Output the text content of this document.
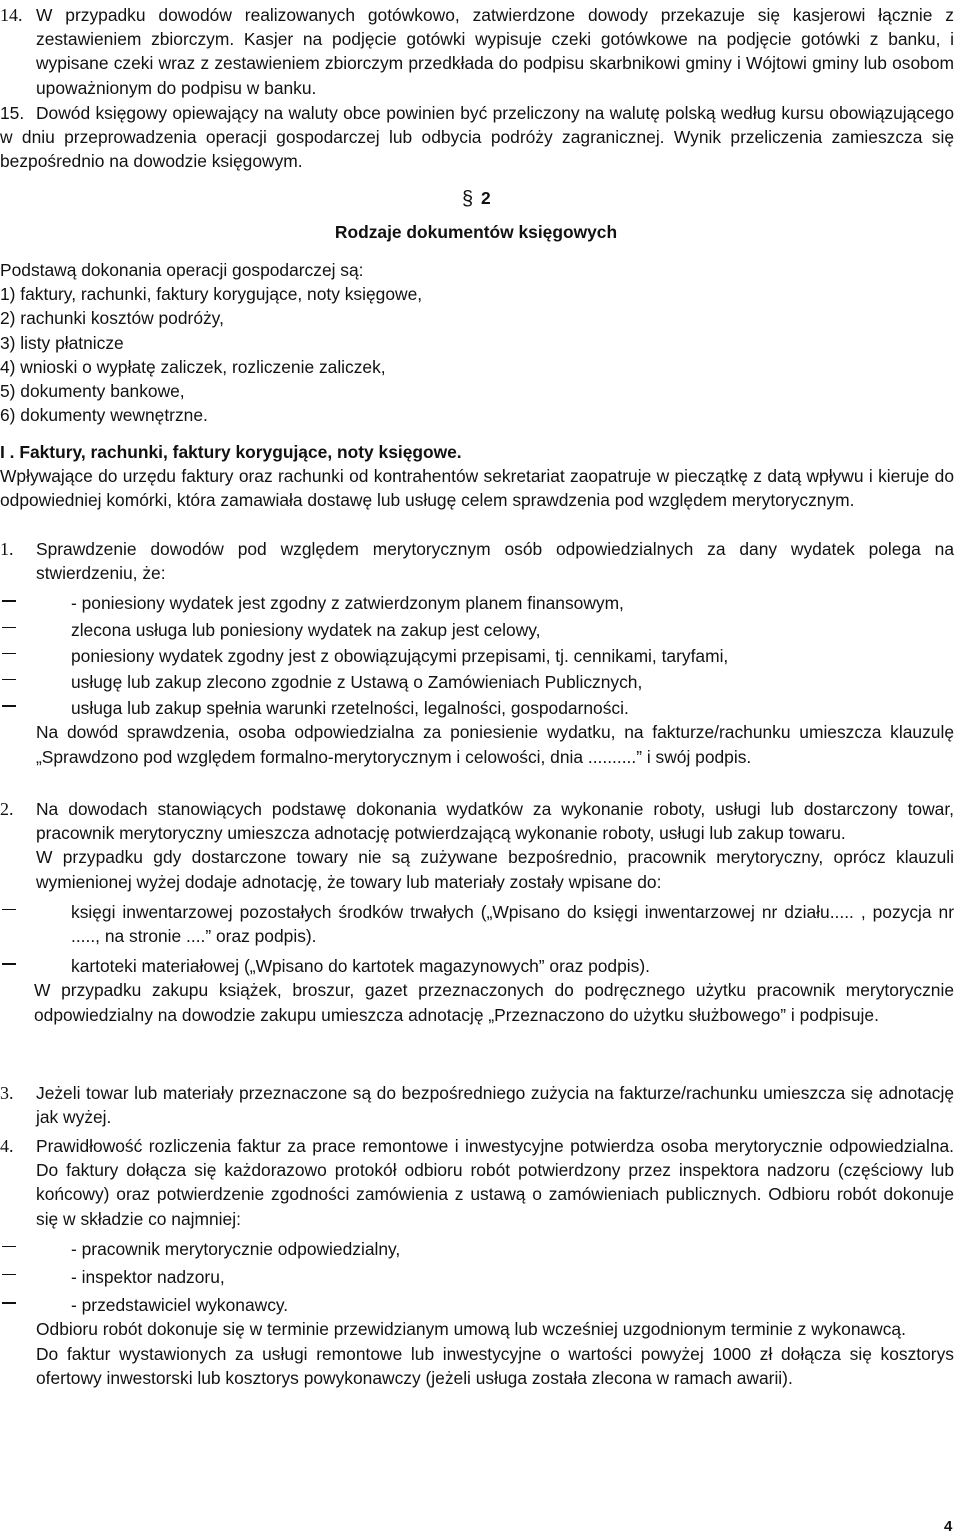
14. W przypadku dowodów realizowanych gotówkowo, zatwierdzone dowody przekazuje się kasjerowi łącznie z zestawieniem zbiorczym. Kasjer na podjęcie gotówki wypisuje czeki gotówkowe na podjęcie gotówki z banku, i wypisane czeki wraz z zestawieniem zbiorczym przedkłada do podpisu skarbnikowi gminy i Wójtowi gminy lub osobom upoważnionym do podpisu w banku.

15. Dowód księgowy opiewający na waluty obce powinien być przeliczony na walutę polską według kursu obowiązującego w dniu przeprowadzenia operacji gospodarczej lub odbycia podróży zagranicznej. Wynik przeliczenia zamieszcza się bezpośrednio na dowodzie księgowym.

§ 2

Rodzaje dokumentów księgowych

Podstawą dokonania operacji gospodarczej są:

1) faktury, rachunki, faktury korygujące, noty księgowe,

2) rachunki kosztów podróży,

3) listy płatnicze

4) wnioski o wypłatę zaliczek, rozliczenie zaliczek,

5) dokumenty bankowe,

6) dokumenty wewnętrzne.

I . Faktury, rachunki, faktury korygujące, noty księgowe.

Wpływające do urzędu faktury oraz rachunki od kontrahentów sekretariat zaopatruje w pieczątkę z datą wpływu i kieruje do odpowiedniej komórki, która zamawiała dostawę lub usługę celem sprawdzenia pod względem merytorycznym.

1.	Sprawdzenie dowodów pod względem merytorycznym osób odpowiedzialnych za dany wydatek polega na stwierdzeniu, że:

- poniesiony wydatek jest zgodny z zatwierdzonym planem finansowym,

zlecona usługa lub poniesiony wydatek na zakup jest celowy,

poniesiony wydatek zgodny jest z obowiązującymi przepisami, tj. cennikami, taryfami,

usługę lub zakup zlecono zgodnie z Ustawą o Zamówieniach Publicznych,

usługa lub zakup spełnia warunki rzetelności, legalności, gospodarności.

Na dowód sprawdzenia, osoba odpowiedzialna za poniesienie wydatku, na fakturze/rachunku umieszcza klauzulę „Sprawdzono pod względem formalno-merytorycznym i celowości, dnia ..........” i swój podpis.

2.	Na dowodach stanowiących podstawę dokonania wydatków za wykonanie roboty, usługi lub dostarczony towar, pracownik merytoryczny umieszcza adnotację potwierdzającą wykonanie roboty, usługi lub zakup towaru.

W przypadku gdy dostarczone towary nie są zużywane bezpośrednio, pracownik merytoryczny, oprócz klauzuli wymienionej wyżej dodaje adnotację, że towary lub materiały zostały wpisane do:

księgi inwentarzowej pozostałych środków trwałych („Wpisano do księgi inwentarzowej nr działu..... , pozycja nr ....., na stronie ....” oraz podpis).

kartoteki materiałowej („Wpisano do kartotek magazynowych” oraz podpis).

W przypadku zakupu książek, broszur, gazet przeznaczonych do podręcznego użytku pracownik merytorycznie odpowiedzialny na dowodzie zakupu umieszcza adnotację „Przeznaczono do użytku służbowego” i podpisuje.

3.	Jeżeli towar lub materiały przeznaczone są do bezpośredniego zużycia na fakturze/rachunku umieszcza się adnotację jak wyżej.

4.	Prawidłowość rozliczenia faktur za prace remontowe i inwestycyjne potwierdza osoba merytorycznie odpowiedzialna. Do faktury dołącza się każdorazowo protokół odbioru robót potwierdzony przez inspektora nadzoru (częściowy lub końcowy) oraz potwierdzenie zgodności zamówienia z ustawą o zamówieniach publicznych. Odbioru robót dokonuje się w składzie co najmniej:

- pracownik merytorycznie odpowiedzialny,

- inspektor nadzoru,

- przedstawiciel wykonawcy.

Odbioru robót dokonuje się w terminie przewidzianym umową lub wcześniej uzgodnionym terminie z wykonawcą.

Do faktur wystawionych za usługi remontowe lub inwestycyjne o wartości powyżej 1000 zł dołącza się kosztorys ofertowy inwestorski lub kosztorys powykonawczy (jeżeli usługa została zlecona w ramach awarii).

4
